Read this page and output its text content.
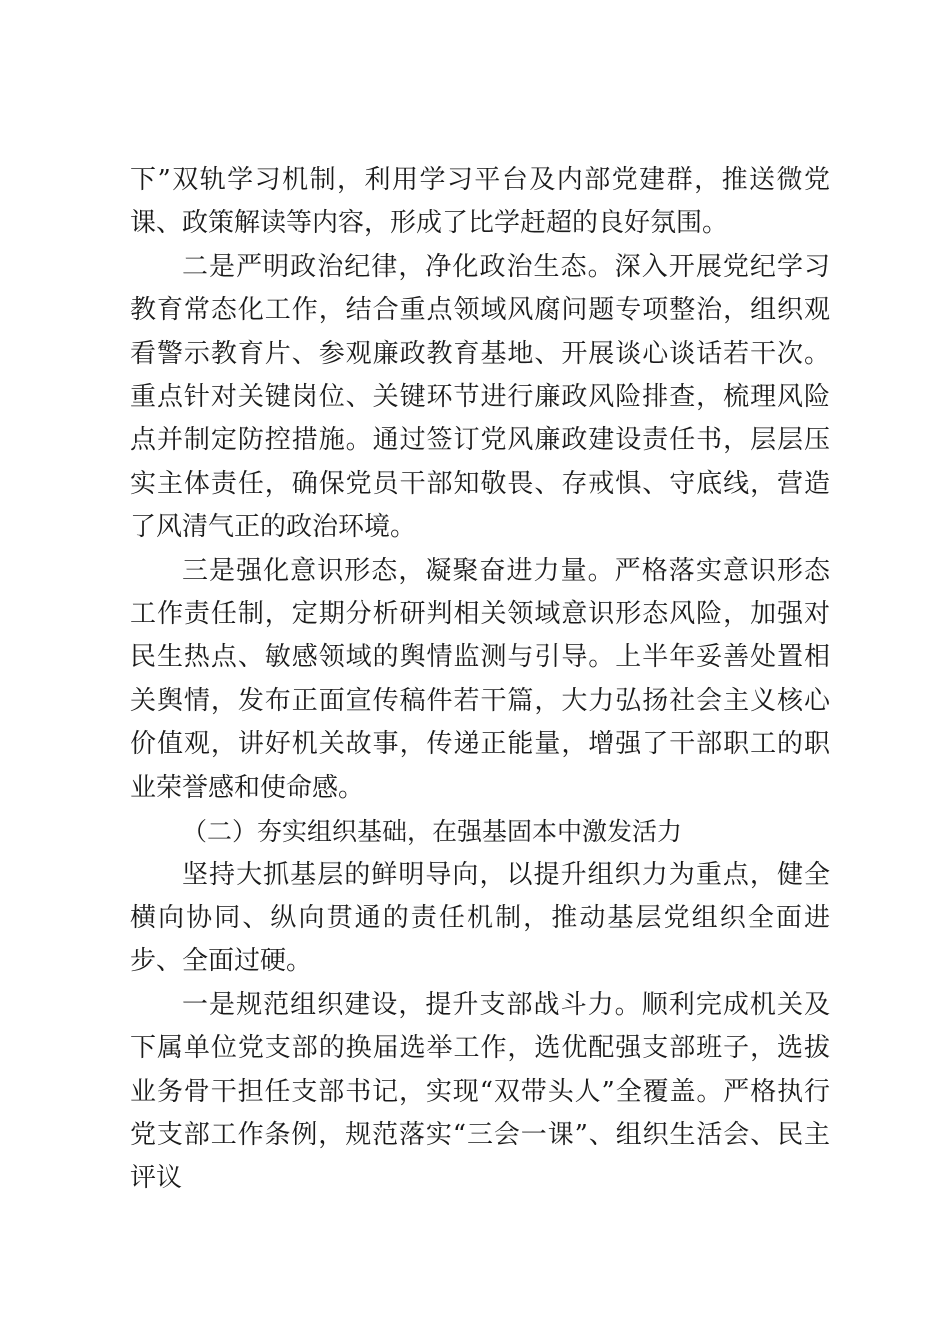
下”双轨学习机制，利用学习平台及内部党建群，推送微党课、政策解读等内容，形成了比学赶超的良好氛围。

二是严明政治纪律，净化政治生态。深入开展党纪学习教育常态化工作，结合重点领域风腐问题专项整治，组织观看警示教育片、参观廉政教育基地、开展谈心谈话若干次。重点针对关键岗位、关键环节进行廉政风险排查，梳理风险点并制定防控措施。通过签订党风廉政建设责任书，层层压实主体责任，确保党员干部知敬畏、存戒惧、守底线，营造了风清气正的政治环境。

三是强化意识形态，凝聚奋进力量。严格落实意识形态工作责任制，定期分析研判相关领域意识形态风险，加强对民生热点、敏感领域的舆情监测与引导。上半年妥善处置相关舆情，发布正面宣传稿件若干篇，大力弘扬社会主义核心价值观，讲好机关故事，传递正能量，增强了干部职工的职业荣誉感和使命感。

（二）夯实组织基础，在强基固本中激发活力

坚持大抓基层的鲜明导向，以提升组织力为重点，健全横向协同、纵向贯通的责任机制，推动基层党组织全面进步、全面过硬。

一是规范组织建设，提升支部战斗力。顺利完成机关及下属单位党支部的换届选举工作，选优配强支部班子，选拔业务骨干担任支部书记，实现“双带头人”全覆盖。严格执行党支部工作条例，规范落实“三会一课”、组织生活会、民主评议
